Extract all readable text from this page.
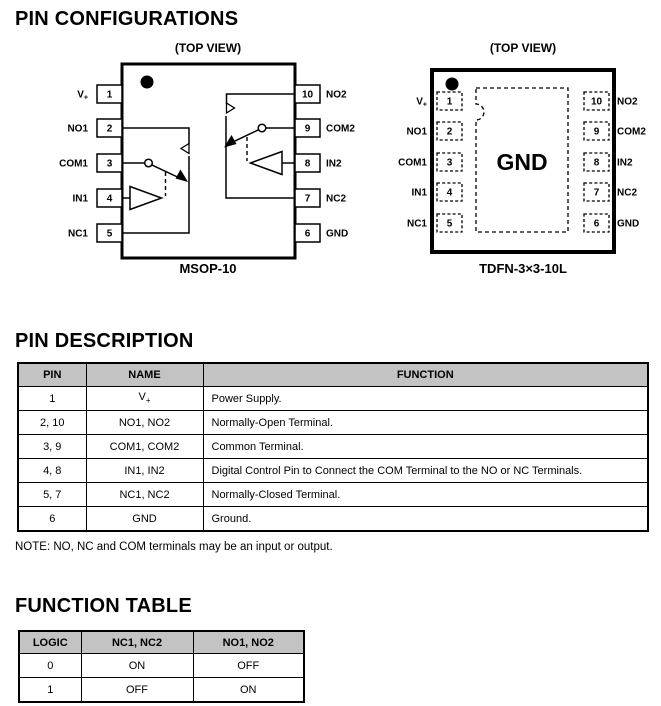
PIN CONFIGURATIONS
(TOP VIEW)
1
2
3
4
5
$V_+$
NO1
COM1
IN1
NC1
10
9
8
7
6
NO2
COM2
IN2
NC2
GND
MSOP-10
(TOP VIEW)
GND
1
2
3
4
5
$V_+$
NO1
COM1
IN1
NC1
10
9
8
7
6
NO2
COM2
IN2
NC2
GND
TDFN-3×3-10L
PIN DESCRIPTION
PIN	NAME	FUNCTION
1	$V_+$	Power Supply.
2, 10	NO1, NO2	Normally-Open Terminal.
3, 9	COM1, COM2	Common Terminal.
4, 8	IN1, IN2	Digital Control Pin to Connect the COM Terminal to the NO or NC Terminals.
5, 7	NC1, NC2	Normally-Closed Terminal.
6	GND	Ground.

NOTE: NO, NC and COM terminals may be an input or output.

FUNCTION TABLE
LOGIC	NC1, NC2	NO1, NO2
0	ON	OFF
1	OFF	ON
